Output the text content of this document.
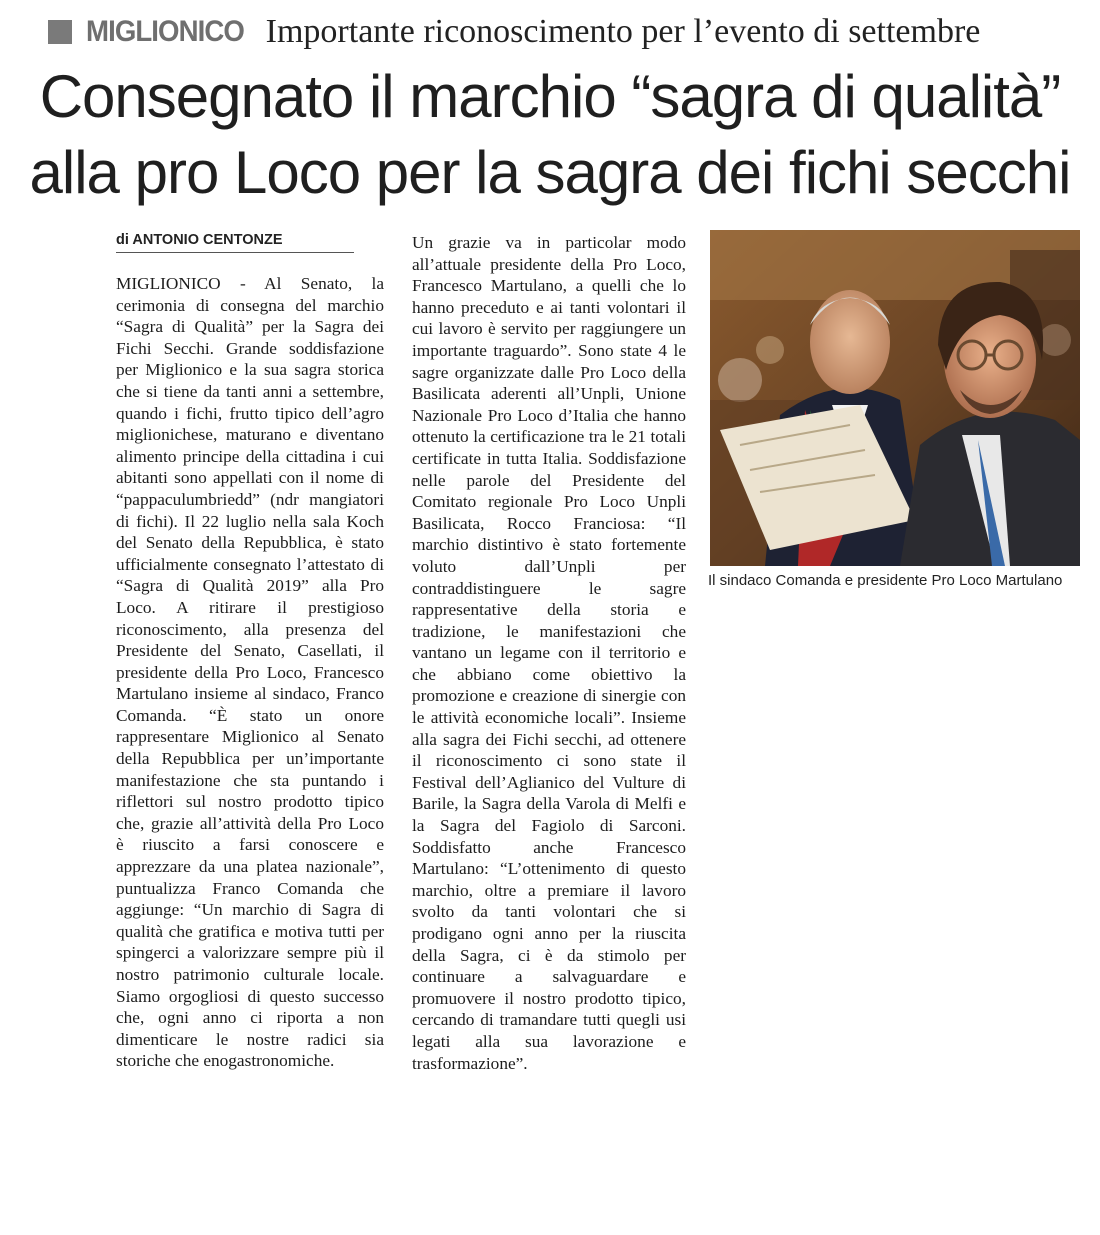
MIGLIONICO Importante riconoscimento per l’evento di settembre
Consegnato il marchio “sagra di qualità”
alla pro Loco per la sagra dei fichi secchi
di ANTONIO CENTONZE
MIGLIONICO - Al Senato, la cerimonia di consegna del marchio “Sagra di Qualità” per la Sagra dei Fichi Secchi. Grande soddisfazione per Miglionico e la sua sagra storica che si tiene da tanti anni a settembre, quando i fichi, frutto tipico dell’agro miglionichese, maturano e diventano alimento principe della cittadina i cui abitanti sono appellati con il nome di “pappaculumbriedd” (ndr mangiatori di fichi). Il 22 luglio nella sala Koch del Senato della Repubblica, è stato ufficialmente consegnato l’attestato di “Sagra di Qualità 2019” alla Pro Loco. A ritirare il prestigioso riconoscimento, alla presenza del Presidente del Senato, Casellati, il presidente della Pro Loco, Francesco Martulano insieme al sindaco, Franco Comanda. “È stato un onore rappresentare Miglionico al Senato della Repubblica per un’importante manifestazione che sta puntando i riflettori sul nostro prodotto tipico che, grazie all’attività della Pro Loco è riuscito a farsi conoscere e apprezzare da una platea nazionale”, puntualizza Franco Comanda che aggiunge: “Un marchio di Sagra di qualità che gratifica e motiva tutti per spingerci a valorizzare sempre più il nostro patrimonio culturale locale. Siamo orgogliosi di questo successo che, ogni anno ci riporta a non dimenticare le nostre radici sia storiche che enogastronomiche.
Un grazie va in particolar modo all’attuale presidente della Pro Loco, Francesco Martulano, a quelli che lo hanno preceduto e ai tanti volontari il cui lavoro è servito per raggiungere un importante traguardo”. Sono state 4 le sagre organizzate dalle Pro Loco della Basilicata aderenti all’Unpli, Unione Nazionale Pro Loco d’Italia che hanno ottenuto la certificazione tra le 21 totali certificate in tutta Italia. Soddisfazione nelle parole del Presidente del Comitato regionale Pro Loco Unpli Basilicata, Rocco Franciosa: “Il marchio distintivo è stato fortemente voluto dall’Unpli per contraddistinguere le sagre rappresentative della storia e tradizione, le manifestazioni che vantano un legame con il territorio e che abbiano come obiettivo la promozione e creazione di sinergie con le attività economiche locali”. Insieme alla sagra dei Fichi secchi, ad ottenere il riconoscimento ci sono state il Festival dell’Aglianico del Vulture di Barile, la Sagra della Varola di Melfi e la Sagra del Fagiolo di Sarconi. Soddisfatto anche Francesco Martulano: “L’ottenimento di questo marchio, oltre a premiare il lavoro svolto da tanti volontari che si prodigano ogni anno per la riuscita della Sagra, ci è da stimolo per continuare a salvaguardare e promuovere il nostro prodotto tipico, cercando di tramandare tutti quegli usi legati alla sua lavorazione e trasformazione”.
Il sindaco Comanda e presidente Pro Loco Martulano
